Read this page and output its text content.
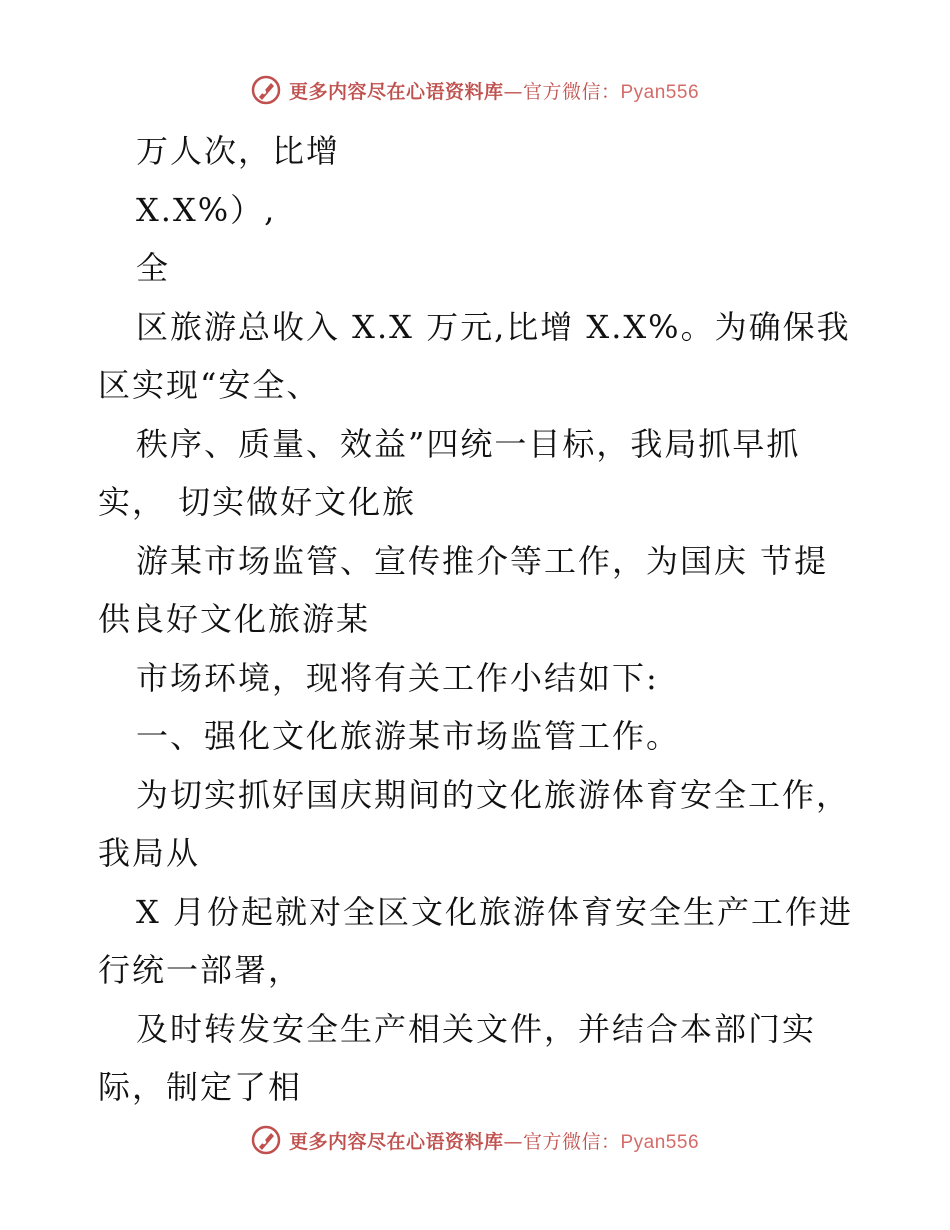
更多内容尽在心语资料库—官方微信：Pyan556
万人次，比增
X.X%）,
全
区旅游总收入 X.X 万元,比增 X.X%。为确保我
区实现“安全、
秩序、质量、效益”四统一目标，我局抓早抓
实， 切实做好文化旅
游某市场监管、宣传推介等工作，为国庆 节提
供良好文化旅游某
市场环境，现将有关工作小结如下:
一、强化文化旅游某市场监管工作。
为切实抓好国庆期间的文化旅游体育安全工作，
我局从
X 月份起就对全区文化旅游体育安全生产工作进
行统一部署，
及时转发安全生产相关文件，并结合本部门实
际，制定了相
更多内容尽在心语资料库—官方微信：Pyan556
